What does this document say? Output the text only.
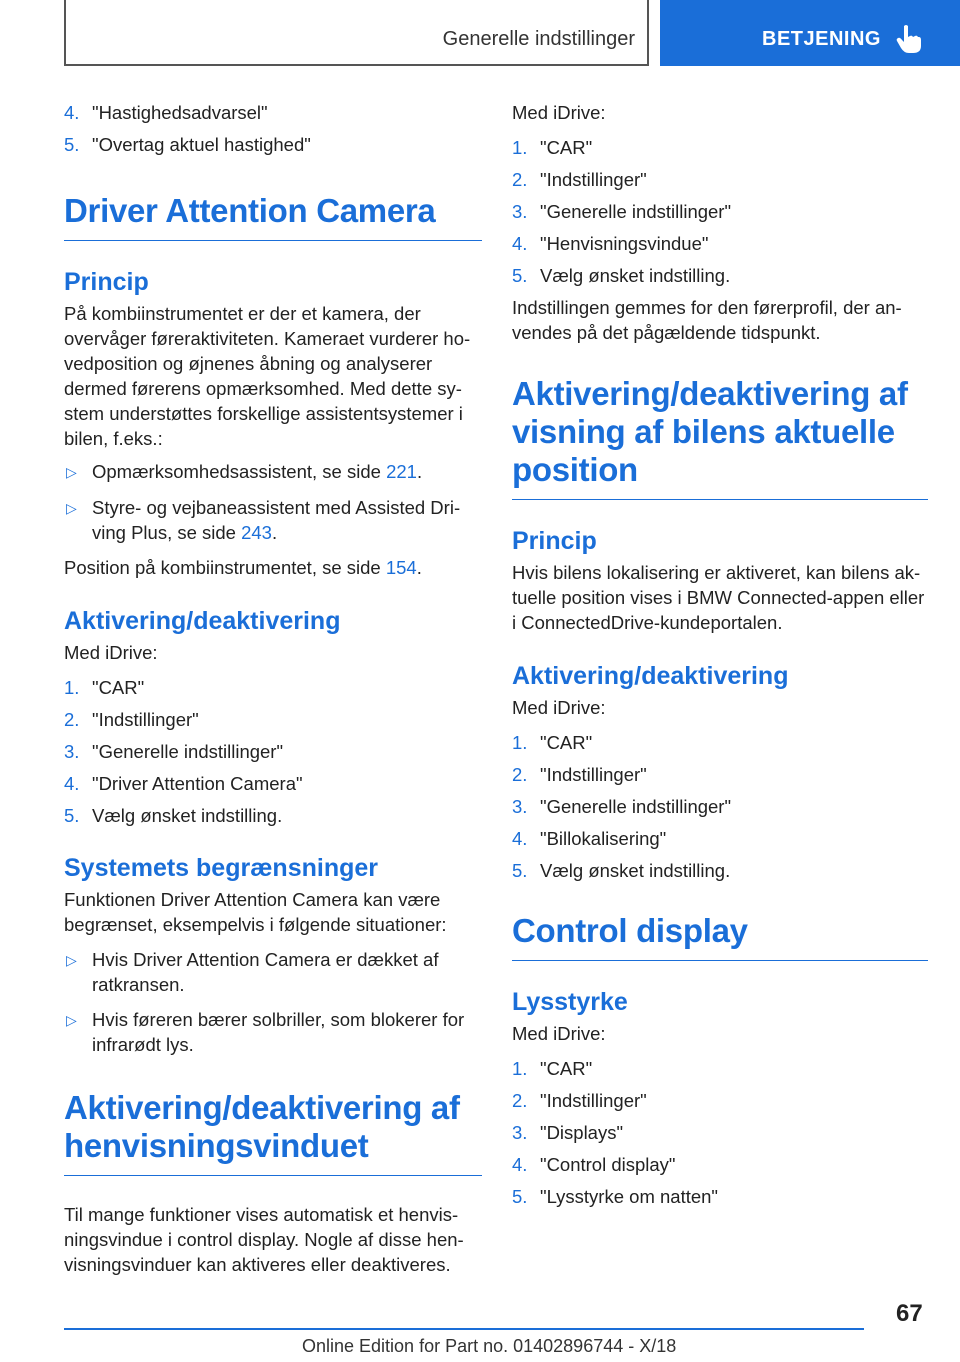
Generelle indstillinger	BETJENING
4. "Hastighedsadvarsel"
5. "Overtag aktuel hastighed"
Driver Attention Camera
Princip

På kombiinstrumentet er der et kamera, der overvåger føreraktiviteten. Kameraet vurderer hovedposition og øjnenes åbning og analyserer dermed førerens opmærksomhed. Med dette system understøttes forskellige assistentsystemer i bilen, f.eks.:

▷ Opmærksomhedsassistent, se side 221.
▷ Styre- og vejbaneassistent med Assisted Driving Plus, se side 243.

Position på kombiinstrumentet, se side 154.

Aktivering/deaktivering

Med iDrive:

1. "CAR"
2. "Indstillinger"
3. "Generelle indstillinger"
4. "Driver Attention Camera"
5. Vælg ønsket indstilling.
Systemets begrænsninger

Funktionen Driver Attention Camera kan være begrænset, eksempelvis i følgende situationer:

▷ Hvis Driver Attention Camera er dækket af ratkransen.
▷ Hvis føreren bærer solbriller, som blokerer for infrarødt lys.
Aktivering/deaktivering af henvisningsvinduet

Til mange funktioner vises automatisk et henvisningsvindue i control display. Nogle af disse henvisningsvinduer kan aktiveres eller deaktiveres.

Med iDrive:

1. "CAR"
2. "Indstillinger"
3. "Generelle indstillinger"
4. "Henvisningsvindue"
5. Vælg ønsket indstilling.

Indstillingen gemmes for den førerprofil, der anvendes på det pågældende tidspunkt.

Aktivering/deaktivering af visning af bilens aktuelle position
Princip

Hvis bilens lokalisering er aktiveret, kan bilens aktuelle position vises i BMW Connected-appen eller i ConnectedDrive-kundeportalen.

Aktivering/deaktivering

Med iDrive:

1. "CAR"
2. "Indstillinger"
3. "Generelle indstillinger"
4. "Billokalisering"
5. Vælg ønsket indstilling.
Control display
Lysstyrke

Med iDrive:

1. "CAR"
2. "Indstillinger"
3. "Displays"
4. "Control display"
5. "Lysstyrke om natten"
67
Online Edition for Part no. 01402896744 - X/18
